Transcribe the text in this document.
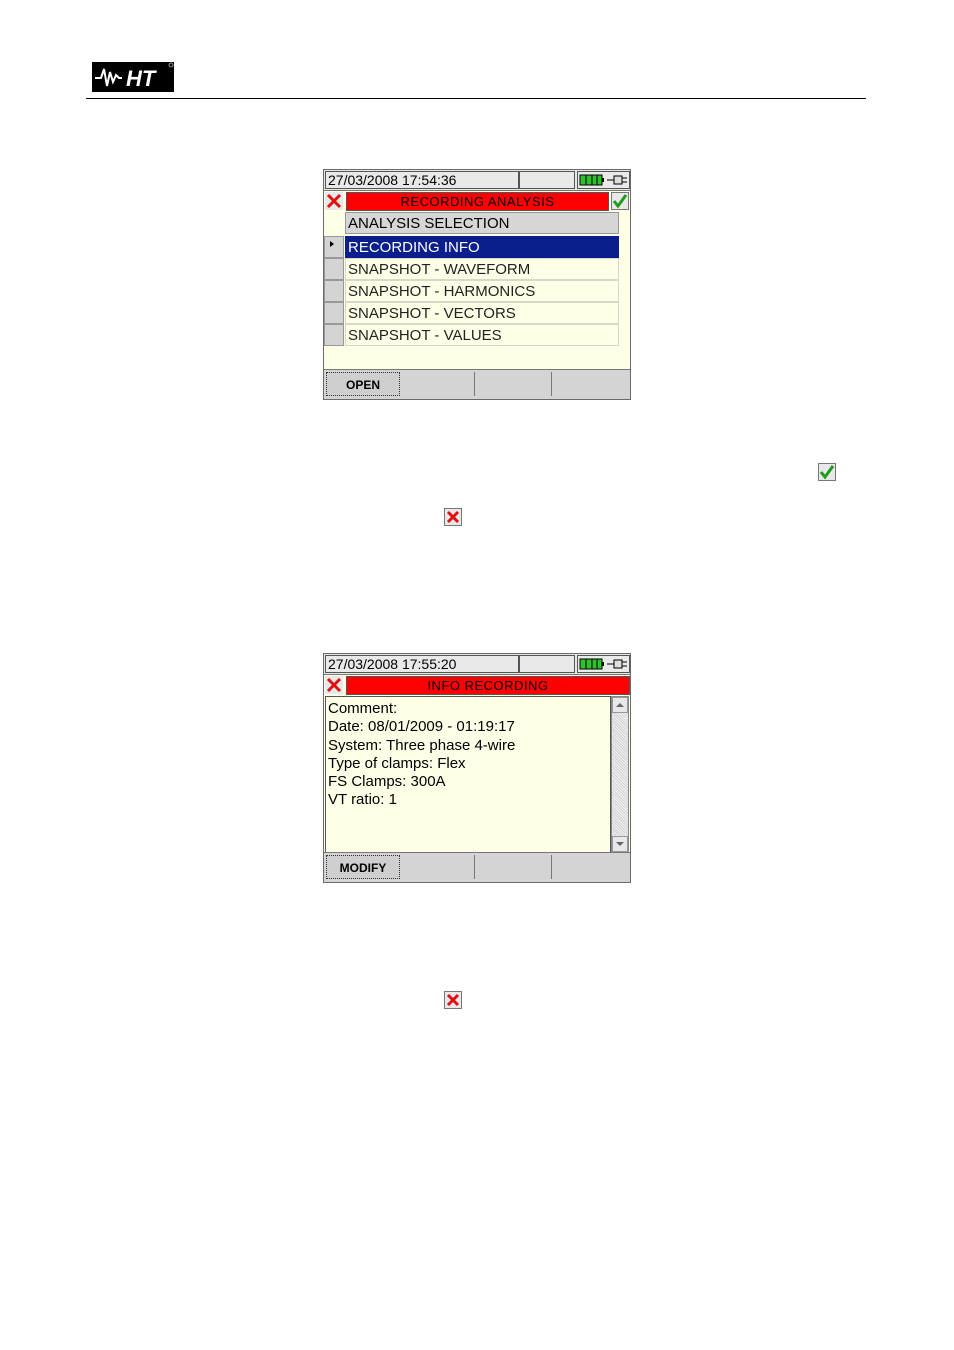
HT
27/03/2008 17:54:36
RECORDING ANALYSIS
ANALYSIS SELECTION
RECORDING INFO
SNAPSHOT - WAVEFORM
SNAPSHOT - HARMONICS
SNAPSHOT - VECTORS
SNAPSHOT - VALUES
OPEN
27/03/2008 17:55:20
INFO RECORDING
Comment:
Date: 08/01/2009 - 01:19:17
System: Three phase 4-wire
Type of clamps: Flex
FS Clamps: 300A
VT ratio: 1
MODIFY
